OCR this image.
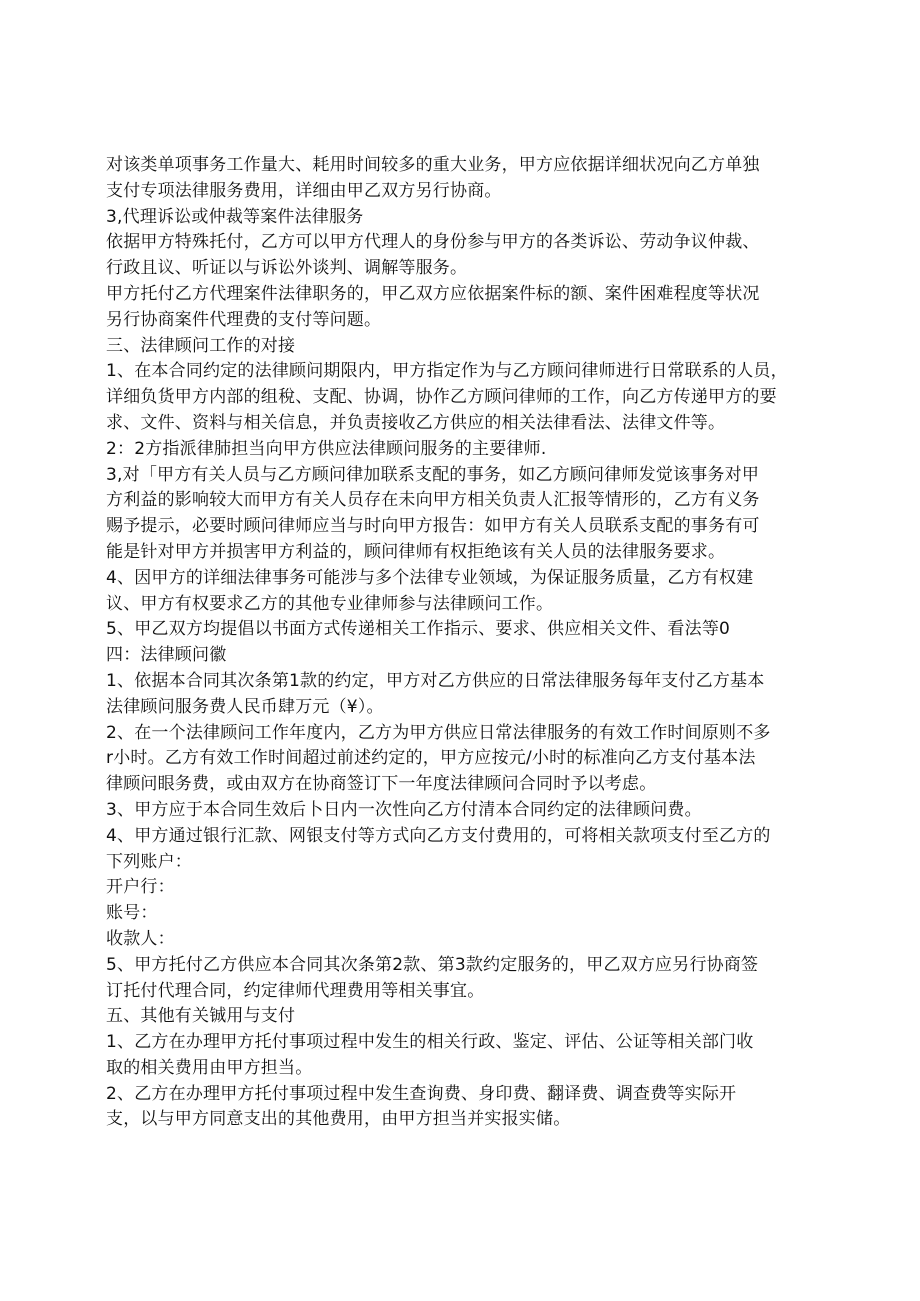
对该类单项事务工作量大、耗用时间较多的重大业务，甲方应依据详细状况向乙方单独
支付专项法律服务费用，详细由甲乙双方另行协商。
3,代理诉讼或仲裁等案件法律服务
依据甲方特殊托付，乙方可以甲方代理人的身份参与甲方的各类诉讼、劳动争议仲裁、
行政且议、听证以与诉讼外谈判、调解等服务。
甲方托付乙方代理案件法律职务的，甲乙双方应依据案件标的额、案件困难程度等状况
另行协商案件代理费的支付等问题。
三、法律顾问工作的对接
1、在本合同约定的法律顾问期限内，甲方指定作为与乙方顾问律师进行日常联系的人员，
详细负货甲方内部的组稅、支配、协调，协作乙方顾问律师的工作，向乙方传递甲方的要
求、文件、资料与相关信息，并负责接收乙方供应的相关法律看法、法律文件等。
2：2方指派律肺担当向甲方供应法律顾问服务的主要律师.
3,对「甲方有关人员与乙方顾问律加联系支配的事务，如乙方顾问律师发觉该事务对甲
方利益的影响较大而甲方有关人员存在未向甲方相关负责人汇报等情形的，乙方有义务
赐予提示，必要时顾问律师应当与时向甲方报告：如甲方有关人员联系支配的事务有可
能是针对甲方并损害甲方利益的，顾问律师有权拒绝该有关人员的法律服务要求。
4、因甲方的详细法律事务可能涉与多个法律专业领域，为保证服务质量，乙方有权建
议、甲方有权要求乙方的其他专业律师参与法律顾问工作。
5、甲乙双方均提倡以书面方式传递相关工作指示、要求、供应相关文件、看法等0
四：法律顾问徽
1、依据本合同其次条第1款的约定，甲方对乙方供应的日常法律服务每年支付乙方基本
法律顾问服务费人民币肆万元（¥）。
2、在一个法律顾问工作年度内，乙方为甲方供应日常法律服务的有效工作时间原则不多
r小时。乙方有效工作时间超过前述约定的，甲方应按元/小时的标准向乙方支付基本法
律顾问眼务费，或由双方在协商签订下一年度法律顾问合同时予以考虑。
3、甲方应于本合同生效后卜日内一次性向乙方付清本合同约定的法律顾问费。
4、甲方通过银行汇款、网银支付等方式向乙方支付费用的，可将相关款项支付至乙方的
下列账户：
开户行：
账号：
收款人：
5、甲方托付乙方供应本合同其次条第2款、第3款约定服务的，甲乙双方应另行协商签
订托付代理合同，约定律师代理费用等相关事宜。
五、其他有关铖用与支付
1、乙方在办理甲方托付事项过程中发生的相关行政、鉴定、评估、公证等相关部门收
取的相关费用由甲方担当。
2、乙方在办理甲方托付事项过程中发生查询费、身印费、翻译费、调查费等实际开
支，以与甲方同意支出的其他费用，由甲方担当并实报实储。
